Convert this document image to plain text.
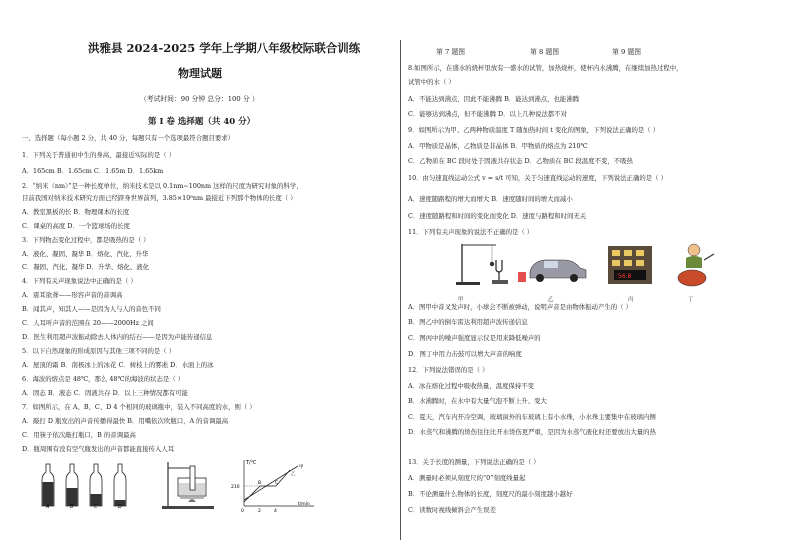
洪雅县 2024-2025 学年上学期八年级校际联合训练
物理试题
（考试时间：90 分钟 总分：100 分 ）
第 Ⅰ 卷 选择题（共 40 分）
一、选择题（每小题 2 分，共 40 分，每题只有一个选项最符合题目要求）
1．下列关于普通初中生的身高，最接近实际的是（ ）
A．165cm B．1.65cm C．1.65m D．1.65km
2．“纳米（nm）”是一种长度单位，纳米技术是以 0.1nm~100nm 这样的尺度为研究对象的科学，
目前我国对纳米技术研究方面已经跻身世界前列，3.85×10⁸nm 最接近下列那个物体的长度（ ）
A．教室黑板的长 B．物理课本的长度
C．课桌的高度 D．一个篮球场的长度
3．下列物态变化过程中，都是吸热的是（ ）
A．液化、凝固、凝华 B．熔化、汽化、升华
C．凝固、汽化、凝华 D．升华、熔化、液化
4．下列有关声现象说法中正确的是（ ）
A．震耳欲聋——形容声音的音调高
B．闻其声，知其人——是因为人与人的音色不同
C．人耳听声音的范围在 20——2000Hz 之间
D．医生利用超声波振动除去人体内的结石——是因为声能传递信息
5．以下自然现象的形成原因与其他三项不同的是（ ）
A．屋顶的霜 B．南极冰上的冰花 C．树枝上的雾凇 D．水面上的冰
6．海波的熔点是 48℃，那么 48℃的海波的状态是（ ）
A．固态 B．液态 C．固液共存 D．以上三种情况都有可能
7．如图所示，在 A、B、C、D 4 个相同的玻璃瓶中，装入不同高度的水，则（ ）
A．敲打 D 瓶发出的声音传播得最快 B．用嘴依次吹瓶口，A 的音调最高
C．用筷子依次敲打瓶口，B 的音调最高
D．瓶周围有没有空气瓶发出的声音都能直接传入人耳
A	B	C	D
T/℃
t/min
210
0	2	4
B	C
甲
乙
第 7 题图	第 8 题图	第 9 题图
8.如图所示，在盛水的烧杯里放有一盛水的试管，加热烧杯，使杯内水沸腾，在继续加热过程中，
试管中的水（ ）
A．不能达到沸点，因此不能沸腾 B．能达到沸点，也能沸腾
C．能够达到沸点，但不能沸腾 D．以上几种说法都不对
9．如图所示为甲、乙两种物质温度 T 随加热时间 t 变化的图象，下列说法正确的是（ ）
A．甲物质是晶体，乙物质是非晶体 B．甲物质的熔点为 210℃
C．乙物质在 BC 段时处于固液共存状态 D．乙物质在 BC 段温度不变，不吸热
10．由匀速直线运动公式 v = s/t 可知，关于匀速直线运动的速度，下列说法正确的是（ ）
A．速度随路程的增大而增大 B．速度随时间的增大而减小
C．速度随路程和时间的变化而变化 D．速度与路程和时间无关
11．下列有关声现象的说法不正确的是（ ）
56.8
甲	乙	丙	丁
A．图甲中音叉发声时，小球会不断被弹动，说明声音是由物体振动产生的（ ）
B．图乙中的倒车雷达利用超声波传递信息
C．图丙中的噪声强度显示仪是用来降低噪声的
D．图丁中用力击鼓可以增大声音的响度
12．下列说法错误的是（ ）
A．冰在熔化过程中吸收热量，温度保持不变
B．水沸腾时，在水中有大量气泡不断上升、变大
C．夏天，汽车内开冷空调，玻璃窗外的车玻璃上有小水珠，小水珠主要集中在玻璃内侧
D．水蒸气和沸腾的烫伤往往比开水烫伤更严重，是因为水蒸气液化时还要放出大量的热
13．关于长度的测量，下列说法正确的是（ ）
A．测量时必须从刻度尺的“0”刻度线量起
B．不论测量什么物体的长度，刻度尺的最小刻度越小越好
C．读数时视线倾斜会产生误差
